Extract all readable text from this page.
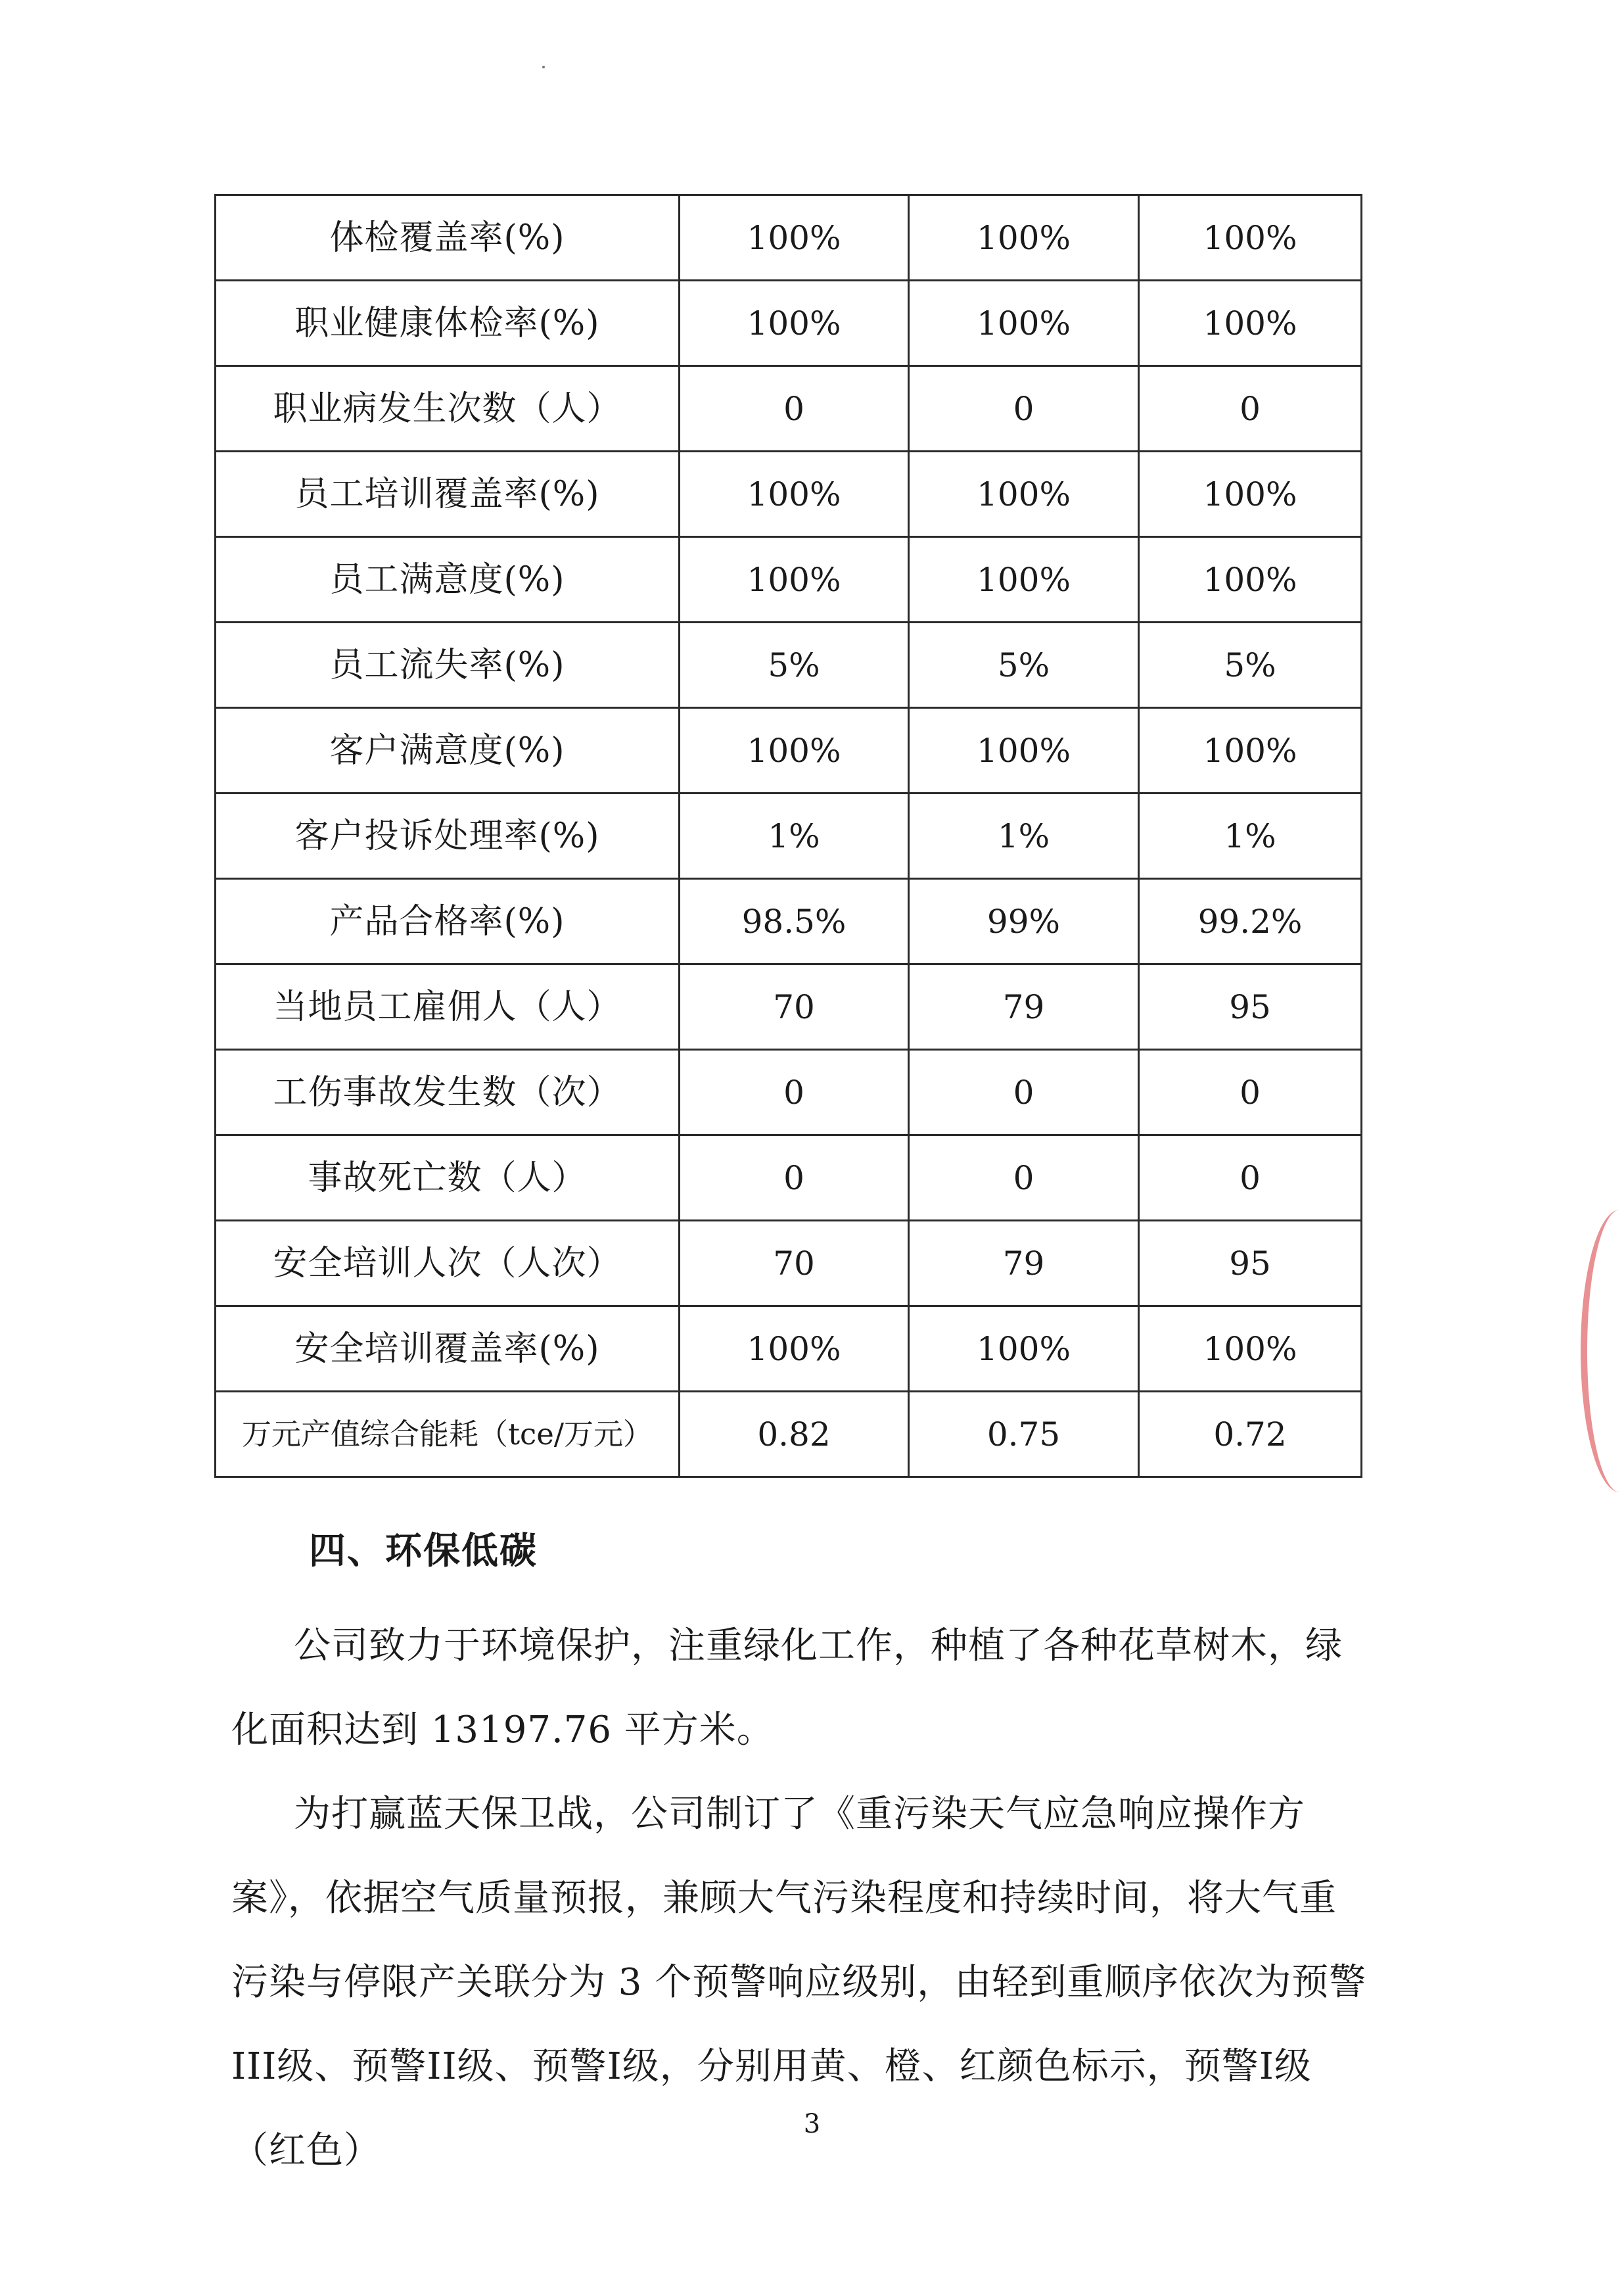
体检覆盖率(%)	100%	100%	100%
职业健康体检率(%)	100%	100%	100%
职业病发生次数（人）	0	0	0
员工培训覆盖率(%)	100%	100%	100%
员工满意度(%)	100%	100%	100%
员工流失率(%)	5%	5%	5%
客户满意度(%)	100%	100%	100%
客户投诉处理率(%)	1%	1%	1%
产品合格率(%)	98.5%	99%	99.2%
当地员工雇佣人（人）	70	79	95
工伤事故发生数（次）	0	0	0
事故死亡数（人）	0	0	0
安全培训人次（人次）	70	79	95
安全培训覆盖率(%)	100%	100%	100%
万元产值综合能耗（tce/万元）	0.82	0.75	0.72
四、环保低碳

公司致力于环境保护，注重绿化工作，种植了各种花草树木，绿化面积达到 13197.76 平方米。

为打赢蓝天保卫战，公司制订了《重污染天气应急响应操作方案》，依据空气质量预报，兼顾大气污染程度和持续时间，将大气重污染与停限产关联分为 3 个预警响应级别，由轻到重顺序依次为预警III级、预警II级、预警Ⅰ级，分别用黄、橙、红颜色标示，预警Ⅰ级（红色）

3
